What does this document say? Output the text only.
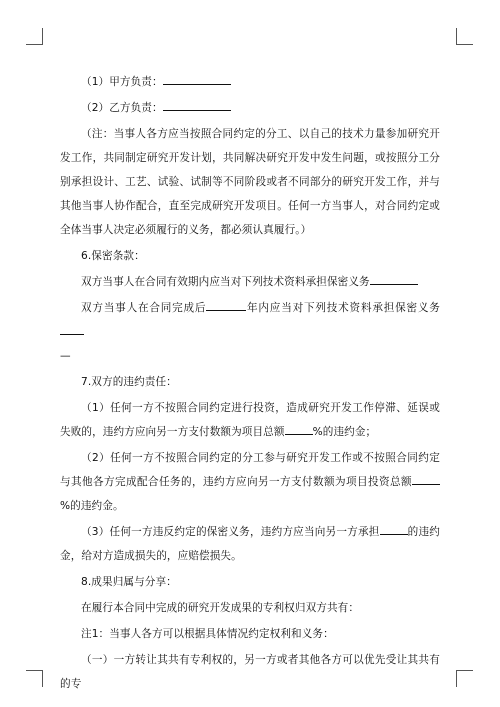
（1）甲方负责：

（2）乙方负责：

（注：当事人各方应当按照合同约定的分工、以自己的技术力量参加研究开发工作，共同制定研究开发计划，共同解决研究开发中发生问题，或按照分工分别承担设计、工艺、试验、试制等不同阶段或者不同部分的研究开发工作，并与其他当事人协作配合，直至完成研究开发项目。任何一方当事人，对合同约定或全体当事人决定必须履行的义务，都必须认真履行。）

6.保密条款：

双方当事人在合同有效期内应当对下列技术资料承担保密义务

双方当事人在合同完成后	年内应当对下列技术资料承担保密义务

—

7.双方的违约责任：

（1）任何一方不按照合同约定进行投资，造成研究开发工作停滞、延误或失败的，违约方应向另一方支付数额为项目总额	%的违约金；

（2）任何一方不按照合同约定的分工参与研究开发工作或不按照合同约定与其他各方完成配合任务的，违约方应向另一方支付数额为项目投资总额%的违约金。

（3）任何一方违反约定的保密义务，违约方应当向另一方承担	的违约金，给对方造成损失的，应赔偿损失。

8.成果归属与分享：

在履行本合同中完成的研究开发成果的专利权归双方共有：

注1：当事人各方可以根据具体情况约定权利和义务：

（一）一方转让其共有专利权的，另一方或者其他各方可以优先受让其共有的专
